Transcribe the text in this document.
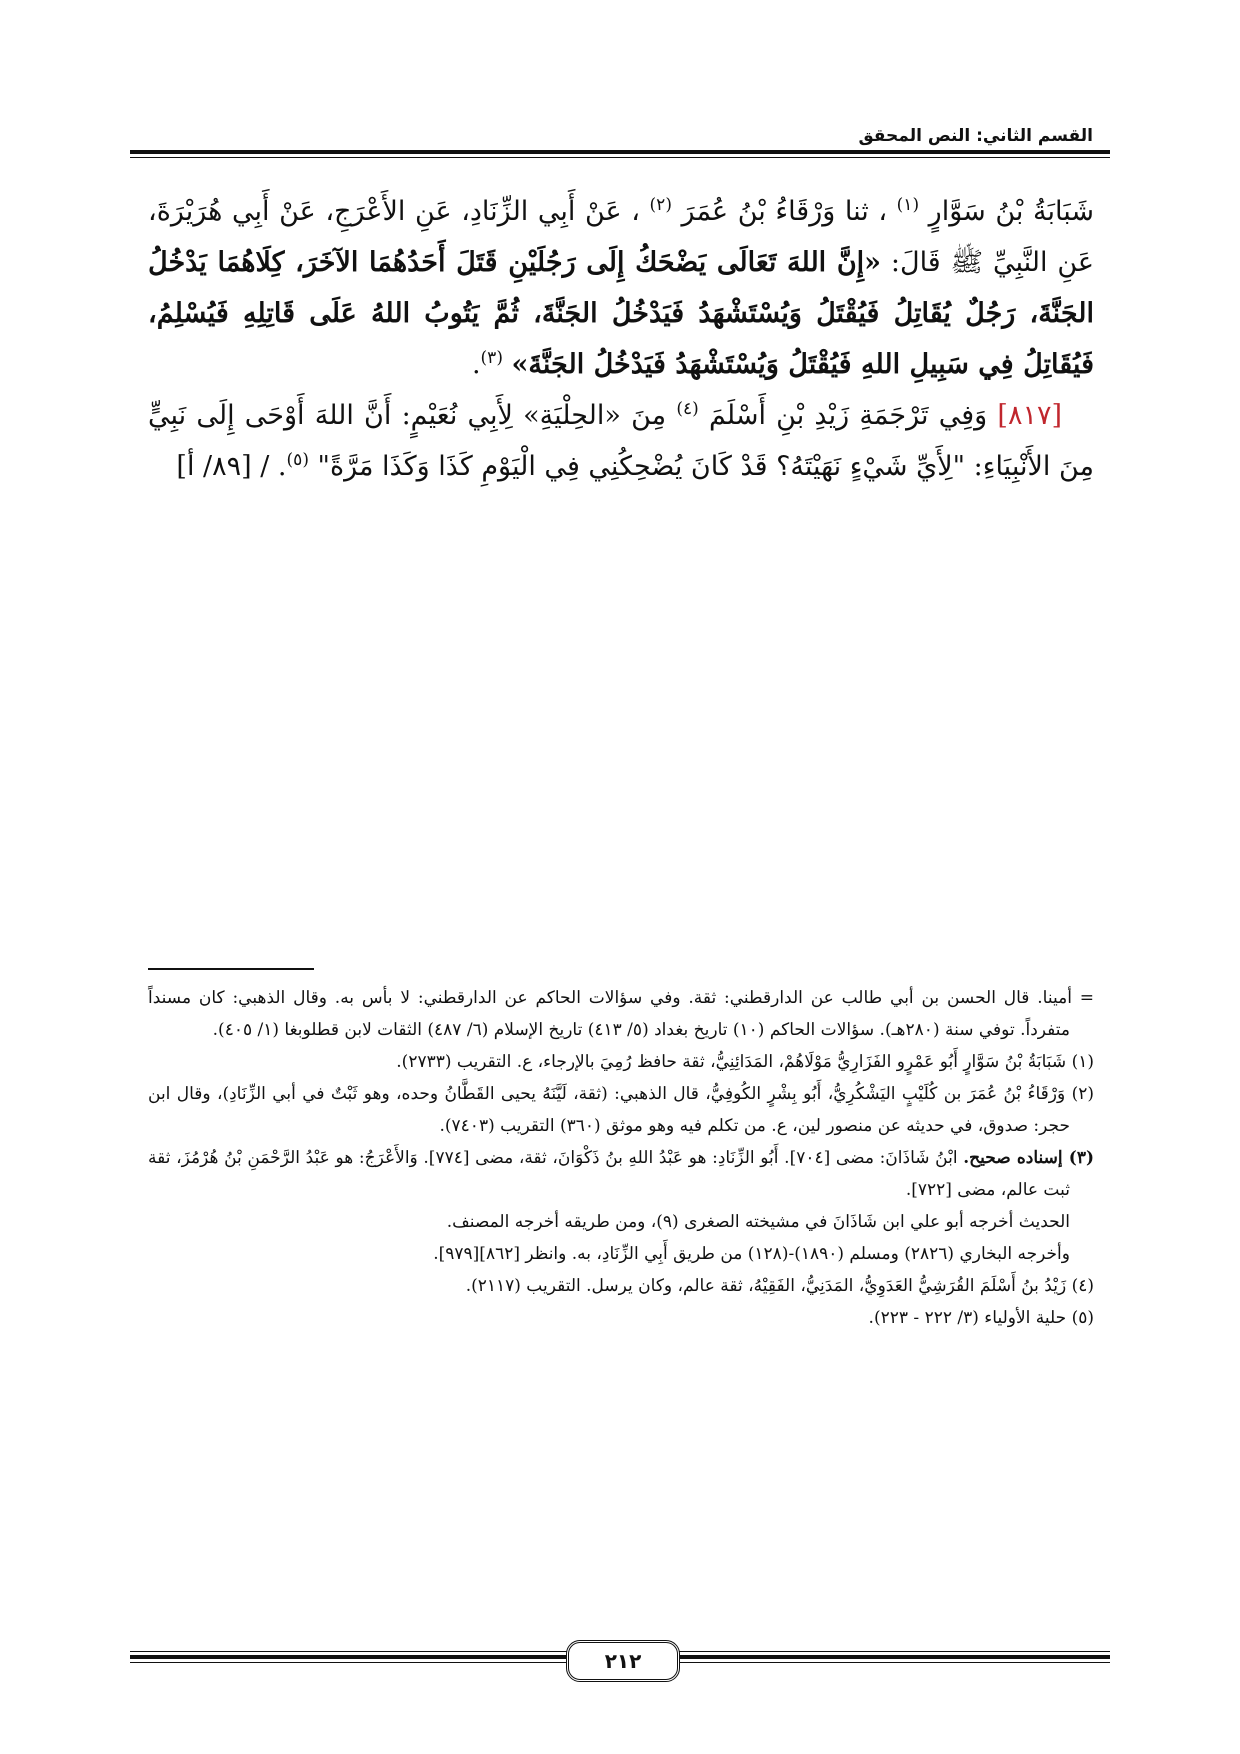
القسم الثاني: النص المحقق

شَبَابَةُ بْنُ سَوَّارٍ $^{(١)}$ ، ثنا وَرْقَاءُ بْنُ عُمَرَ $^{(٢)}$ ، عَنْ أَبِي الزِّنَادِ، عَنِ الأَعْرَجِ، عَنْ أَبِي هُرَيْرَةَ، عَنِ النَّبِيِّ ﷺ قَالَ: «إِنَّ اللهَ تَعَالَى يَضْحَكُ إِلَى رَجُلَيْنِ قَتَلَ أَحَدُهُمَا الآخَرَ، كِلَاهُمَا يَدْخُلُ الجَنَّةَ، رَجُلٌ يُقَاتِلُ فَيُقْتَلُ وَيُسْتَشْهَدُ فَيَدْخُلُ الجَنَّةَ، ثُمَّ يَتُوبُ اللهُ عَلَى قَاتِلِهِ فَيُسْلِمُ، فَيُقَاتِلُ فِي سَبِيلِ اللهِ فَيُقْتَلُ وَيُسْتَشْهَدُ فَيَدْخُلُ الجَنَّةَ» $^{(٣)}$.

[٨١٧] وَفِي تَرْجَمَةِ زَيْدِ بْنِ أَسْلَمَ $^{(٤)}$ مِنَ «الحِلْيَةِ» لِأَبِي نُعَيْمٍ: أَنَّ اللهَ أَوْحَى إِلَى نَبِيٍّ مِنَ الأَنْبِيَاءِ: "لِأَيِّ شَيْءٍ نَهَيْتَهُ؟ قَدْ كَانَ يُضْحِكُنِي فِي الْيَوْمِ كَذَا وَكَذَا مَرَّةً" $^{(٥)}$. / [٨٩/ أ]

= أمينا. قال الحسن بن أبي طالب عن الدارقطني: ثقة. وفي سؤالات الحاكم عن الدارقطني: لا بأس به. وقال الذهبي: كان مسنداً متفرداً. توفي سنة (٢٨٠هـ). سؤالات الحاكم (١٠) تاريخ بغداد (٥/ ٤١٣) تاريخ الإسلام (٦/ ٤٨٧) الثقات لابن قطلوبغا (١/ ٤٠٥).

(١) شَبَابَةُ بْنُ سَوَّارٍ أَبُو عَمْرٍو الفَزَارِيُّ مَوْلَاهُمْ، المَدَائِنِيُّ، ثقة حافظ رُمِيَ بالإرجاء، ع. التقريب (٢٧٣٣).

(٢) وَرْقَاءُ بْنُ عُمَرَ بن كُلَيْبٍ اليَشْكُرِيُّ، أَبُو بِشْرٍ الكُوفِيُّ، قال الذهبي: (ثقة، لَيَّنَهُ يحيى القَطَّانُ وحده، وهو ثَبْتٌ في أبي الزِّنَادِ)، وقال ابن حجر: صدوق، في حديثه عن منصور لين، ع. من تكلم فيه وهو موثق (٣٦٠) التقريب (٧٤٠٣).

(٣) إسناده صحيح. ابْنُ شَاذَانَ: مضى [٧٠٤]. أَبُو الزِّنَادِ: هو عَبْدُ اللهِ بنُ ذَكْوَانَ، ثقة، مضى [٧٧٤]. وَالأَعْرَجُ: هو عَبْدُ الرَّحْمَنِ بْنُ هُرْمُزَ، ثقة ثبت عالم، مضى [٧٢٢].

الحديث أخرجه أبو علي ابن شَاذَانَ في مشيخته الصغرى (٩)، ومن طريقه أخرجه المصنف.

وأخرجه البخاري (٢٨٢٦) ومسلم (١٨٩٠)-(١٢٨) من طريق أَبِي الزِّنَادِ، به. وانظر [٨٦٢][٩٧٩].

(٤) زَيْدُ بنُ أَسْلَمَ القُرَشِيُّ العَدَوِيُّ، المَدَنِيُّ، الفَقِيْهُ، ثقة عالم، وكان يرسل. التقريب (٢١١٧).

(٥) حلية الأولياء (٣/ ٢٢٢ - ٢٢٣).

٢١٢
